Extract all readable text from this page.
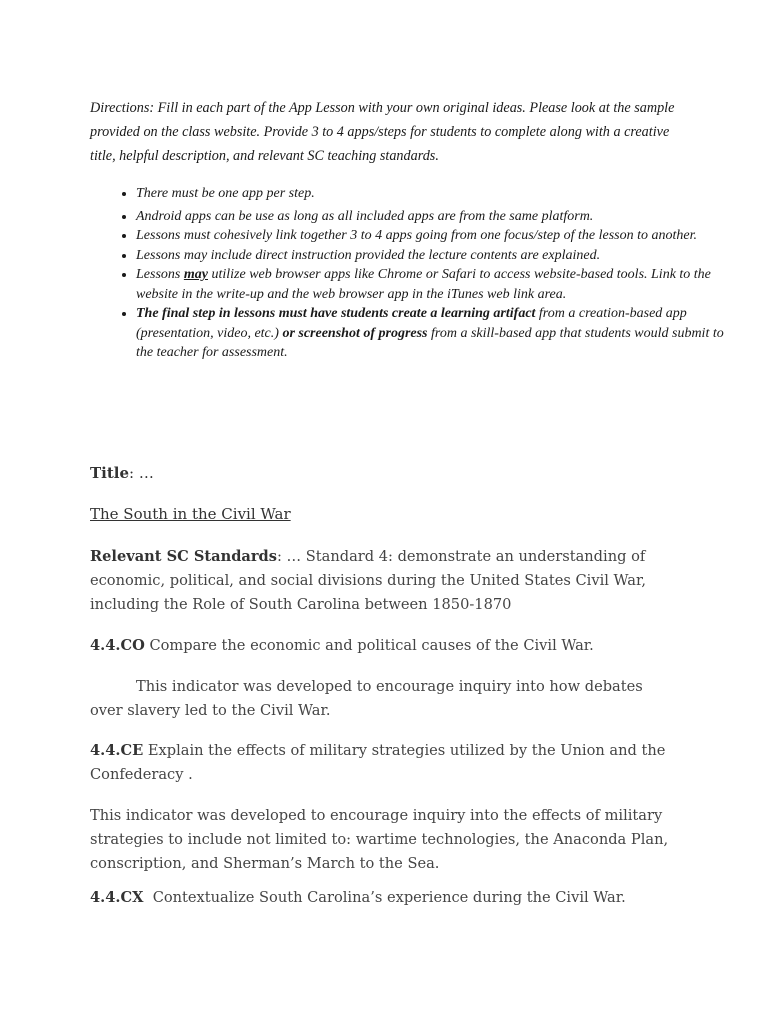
Directions: Fill in each part of the App Lesson with your own original ideas. Please look at the sample provided on the class website. Provide 3 to 4 apps/steps for students to complete along with a creative title, helpful description, and relevant SC teaching standards.
• There must be one app per step.
• Android apps can be use as long as all included apps are from the same platform.
• Lessons must cohesively link together 3 to 4 apps going from one focus/step of the lesson to another.
• Lessons may include direct instruction provided the lecture contents are explained.
• Lessons may utilize web browser apps like Chrome or Safari to access website-based tools. Link to the website in the write-up and the web browser app in the iTunes web link area.
• The final step in lessons must have students create a learning artifact from a creation-based app (presentation, video, etc.) or screenshot of progress from a skill-based app that students would submit to the teacher for assessment.
Title: …
The South in the Civil War
Relevant SC Standards: … Standard 4: demonstrate an understanding of economic, political, and social divisions during the United States Civil War, including the Role of South Carolina between 1850-1870
4.4.CO Compare the economic and political causes of the Civil War.
This indicator was developed to encourage inquiry into how debates over slavery led to the Civil War.
4.4.CE Explain the effects of military strategies utilized by the Union and the Confederacy .
This indicator was developed to encourage inquiry into the effects of military strategies to include not limited to: wartime technologies, the Anaconda Plan, conscription, and Sherman’s March to the Sea.
4.4.CX  Contextualize South Carolina’s experience during the Civil War.
